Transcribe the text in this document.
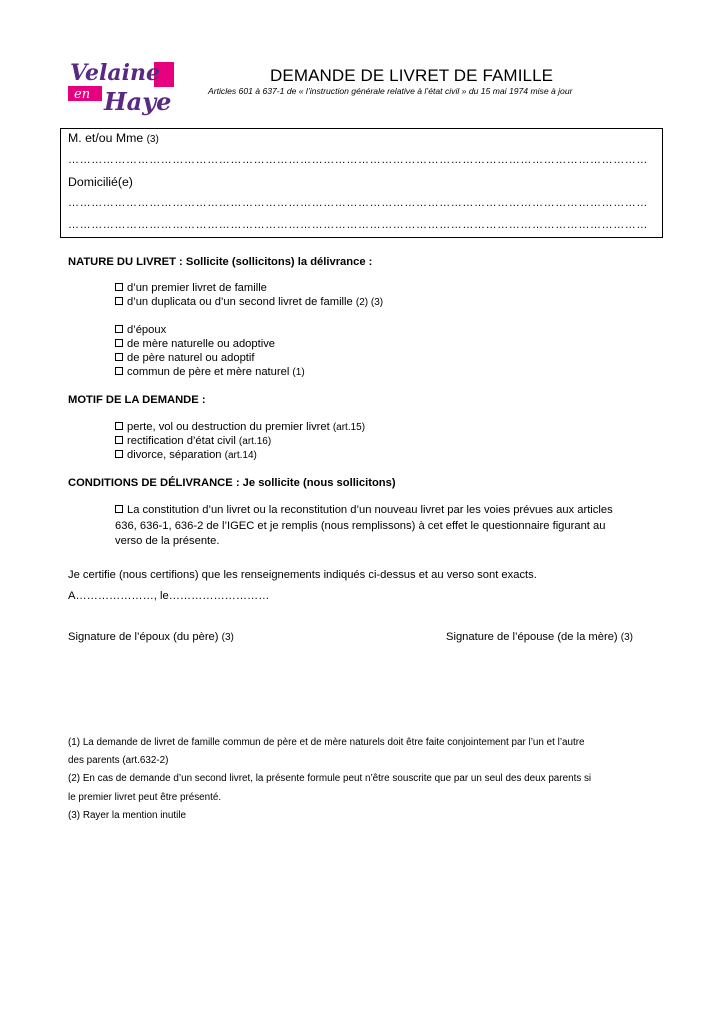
Velaine
en Haye
DEMANDE DE LIVRET DE FAMILLE
Articles 601 à 637-1 de « l’instruction générale relative à l’état civil » du 15 mai 1974 mise à jour
M. et/ou Mme (3)
……………………………………………………………………………………………………………………………………
Domicilié(e)
……………………………………………………………………………………………………………………………………
……………………………………………………………………………………………………………………………………
NATURE DU LIVRET : Sollicite (sollicitons) la délivrance :
d’un premier livret de famille
d’un duplicata ou d’un second livret de famille (2) (3)
d’époux
de mère naturelle ou adoptive
de père naturel ou adoptif
commun de père et mère naturel (1)
MOTIF DE LA DEMANDE :
perte, vol ou destruction du premier livret (art.15)
rectification d’état civil (art.16)
divorce, séparation (art.14)
CONDITIONS DE DÉLIVRANCE : Je sollicite (nous sollicitons)
La constitution d’un livret ou la reconstitution d’un nouveau livret par les voies prévues aux articles
636, 636-1, 636-2 de l’IGEC et je remplis (nous remplissons) à cet effet le questionnaire figurant au
verso de la présente.
Je certifie (nous certifions) que les renseignements indiqués ci-dessus et au verso sont exacts.
A…………………, le………………………
Signature de l’époux (du père) (3)	Signature de l’épouse (de la mère) (3)
(1) La demande de livret de famille commun de père et de mère naturels doit être faite conjointement par l’un et l’autre
des parents (art.632-2)
(2) En cas de demande d’un second livret, la présente formule peut n’être souscrite que par un seul des deux parents si
le premier livret peut être présenté.
(3) Rayer la mention inutile
